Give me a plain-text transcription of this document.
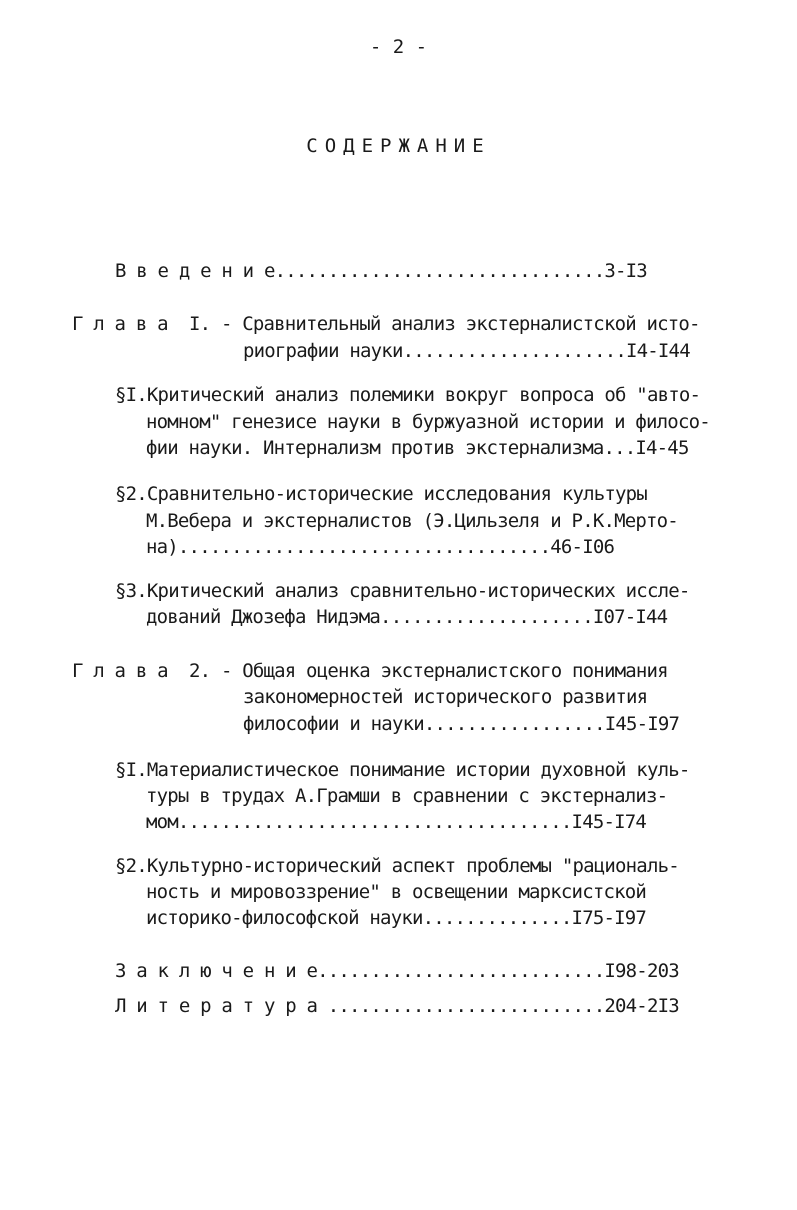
- 2 -
СОДЕРЖАНИЕ
В в е д е н и е...............................3-I3
Г л а в а  I. - Сравнительный анализ экстерналистской исто-
риографии науки.....................I4-I44
§I.Критический анализ полемики вокруг вопроса об "авто-
номном" генезисе науки в буржуазной истории и филосо-
фии науки. Интернализм против экстернализма...I4-45
§2.Сравнительно-исторические исследования культуры
М.Вебера и экстерналистов (Э.Цильзеля и Р.К.Мерто-
на)...................................46-I06
§3.Критический анализ сравнительно-исторических иссле-
дований Джозефа Нидэма....................I07-I44
Г л а в а  2. - Общая оценка экстерналистского понимания
закономерностей исторического развития
философии и науки.................I45-I97
§I.Материалистическое понимание истории духовной куль-
туры в трудах А.Грамши в сравнении с экстернализ-
мом.....................................I45-I74
§2.Культурно-исторический аспект проблемы "рациональ-
ность и мировоззрение" в освещении марксистской
историко-философской науки..............I75-I97
З а к л ю ч е н и е...........................I98-203
Л и т е р а т у р а ..........................204-2I3
